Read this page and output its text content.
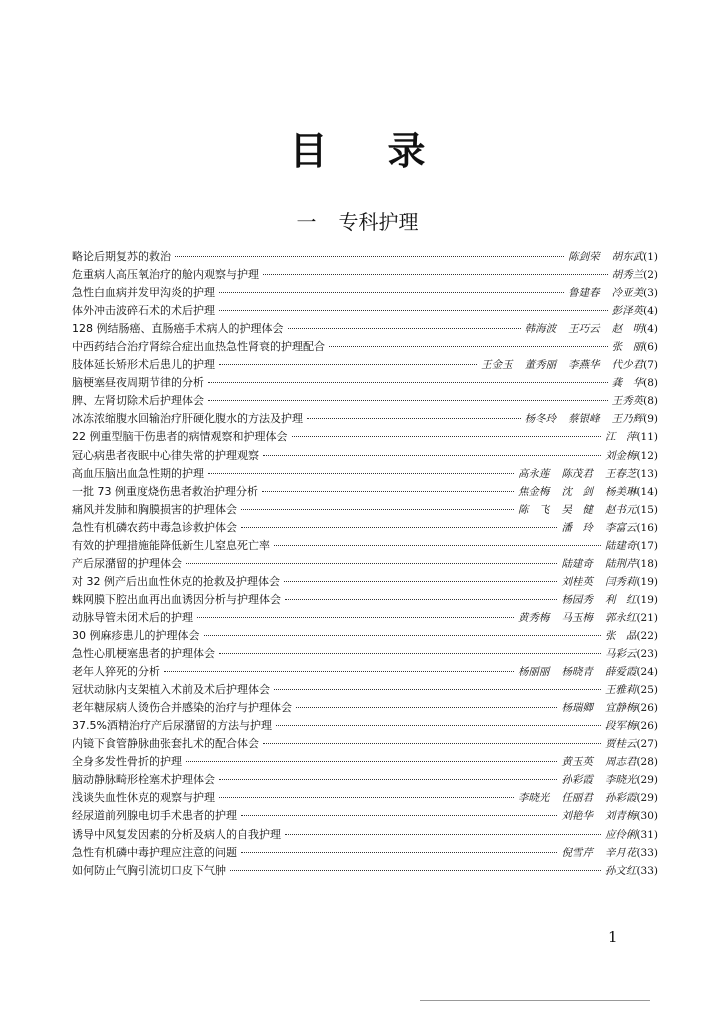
目录
一 专科护理
略论后期复苏的救治	陈剑荣 胡东武 (1)
危重病人高压氧治疗的舱内观察与护理	胡秀兰 (2)
急性白血病并发甲沟炎的护理	鲁建春 冷亚美 (3)
体外冲击波碎石术的术后护理	彭泽英 (4)
128 例结肠癌、直肠癌手术病人的护理体会	韩海波 王巧云 赵　明 (4)
中西药结合治疗肾综合症出血热急性肾衰的护理配合	张　丽 (6)
肢体延长矫形术后患儿的护理	王金玉 董秀丽 李燕华 代少君 (7)
脑梗塞昼夜周期节律的分析	龚　华 (8)
脾、左肾切除术后护理体会	王秀英 (8)
冰冻浓缩腹水回输治疗肝硬化腹水的方法及护理	杨冬玲 蔡银峰 王乃辉 (9)
22 例重型脑干伤患者的病情观察和护理体会	江　萍 (11)
冠心病患者夜眠中心律失常的护理观察	刘金梅 (12)
高血压脑出血急性期的护理	高永莲 陈茂君 王春芝 (13)
一批 73 例重度烧伤患者救治护理分析	焦金梅 沈　剑 杨美琳 (14)
痛风并发肺和胸膜损害的护理体会	陈　飞 吴　健 赵书元 (15)
急性有机磷农药中毒急诊救护体会	潘　玲 李富云 (16)
有效的护理措施能降低新生儿窒息死亡率	陆建奇 (17)
产后尿潴留的护理体会	陆建奇 陆荆芹 (18)
对 32 例产后出血性休克的抢救及护理体会	刘桂英 闫秀莉 (19)
蛛网膜下腔出血再出血诱因分析与护理体会	杨园秀 利　红 (19)
动脉导管未闭术后的护理	黄秀梅 马玉梅 郭永红 (21)
30 例麻疹患儿的护理体会	张　晶 (22)
急性心肌梗塞患者的护理体会	马彩云 (23)
老年人猝死的分析	杨丽丽 杨晓青 薛爱霞 (24)
冠状动脉内支架植入术前及术后护理体会	王雅莉 (25)
老年糖尿病人烫伤合并感染的治疗与护理体会	杨瑞卿 宜静梅 (26)
37.5%酒精治疗产后尿潴留的方法与护理	段军梅 (26)
内镜下食管静脉曲张套扎术的配合体会	贾桂云 (27)
全身多发性骨折的护理	黄玉英 周志君 (28)
脑动静脉畸形栓塞术护理体会	孙彩霞 李晓光 (29)
浅谈失血性休克的观察与护理	李晓光 任丽君 孙彩霞 (29)
经尿道前列腺电切手术患者的护理	刘艳华 刘青梅 (30)
诱导中风复发因素的分析及病人的自我护理	应伶俐 (31)
急性有机磷中毒护理应注意的问题	倪雪芹 辛月花 (33)
如何防止气胸引流切口皮下气肿	孙文红 (33)
1
